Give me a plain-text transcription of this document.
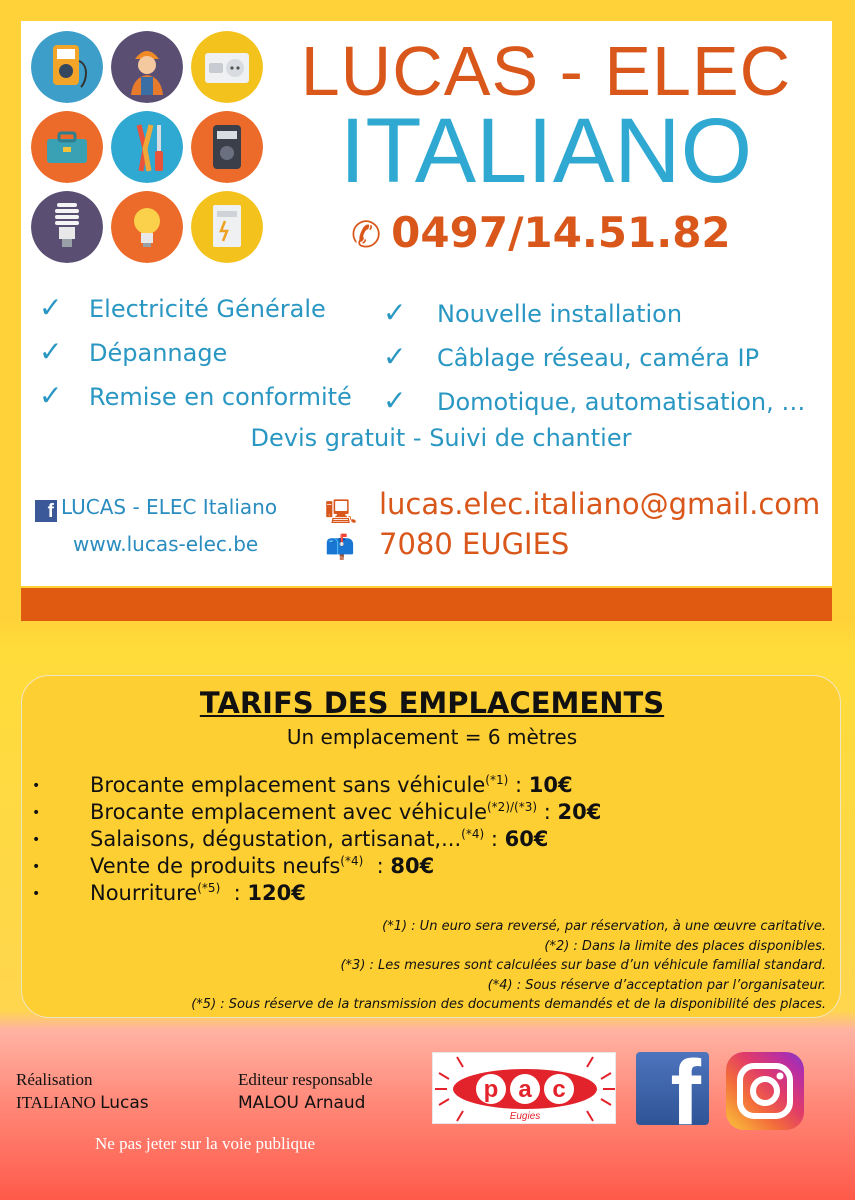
LUCAS - ELEC
ITALIANO
✆ 0497/14.51.82
✓ Electricité Générale
✓ Dépannage
✓ Remise en conformité
✓ Nouvelle installation
✓ Câblage réseau, caméra IP
✓ Domotique, automatisation, …
Devis gratuit - Suivi de chantier
f LUCAS - ELEC Italiano
www.lucas-elec.be
🖳
📫
lucas.elec.italiano@gmail.com
7080 EUGIES
TARIFS DES EMPLACEMENTS
Un emplacement = 6 mètres
• Brocante emplacement sans véhicule$^{(*1)}$ : 10€
• Brocante emplacement avec véhicule$^{(*2)/(*3)}$ : 20€
• Salaisons, dégustation, artisanat,...$^{(*4)}$ : 60€
• Vente de produits neufs$^{(*4)}$  : 80€
• Nourriture$^{(*5)}$  : 120€
(*1) : Un euro sera reversé, par réservation, à une œuvre caritative.
(*2) : Dans la limite des places disponibles.
(*3) : Les mesures sont calculées sur base d’un véhicule familial standard.
(*4) : Sous réserve d’acceptation par l’organisateur.
(*5) : Sous réserve de la transmission des documents demandés et de la disponibilité des places.
Réalisation
ITALIANO Lucas
Editeur responsable
MALOU Arnaud
Ne pas jeter sur la voie publique
p a c
Eugies f
